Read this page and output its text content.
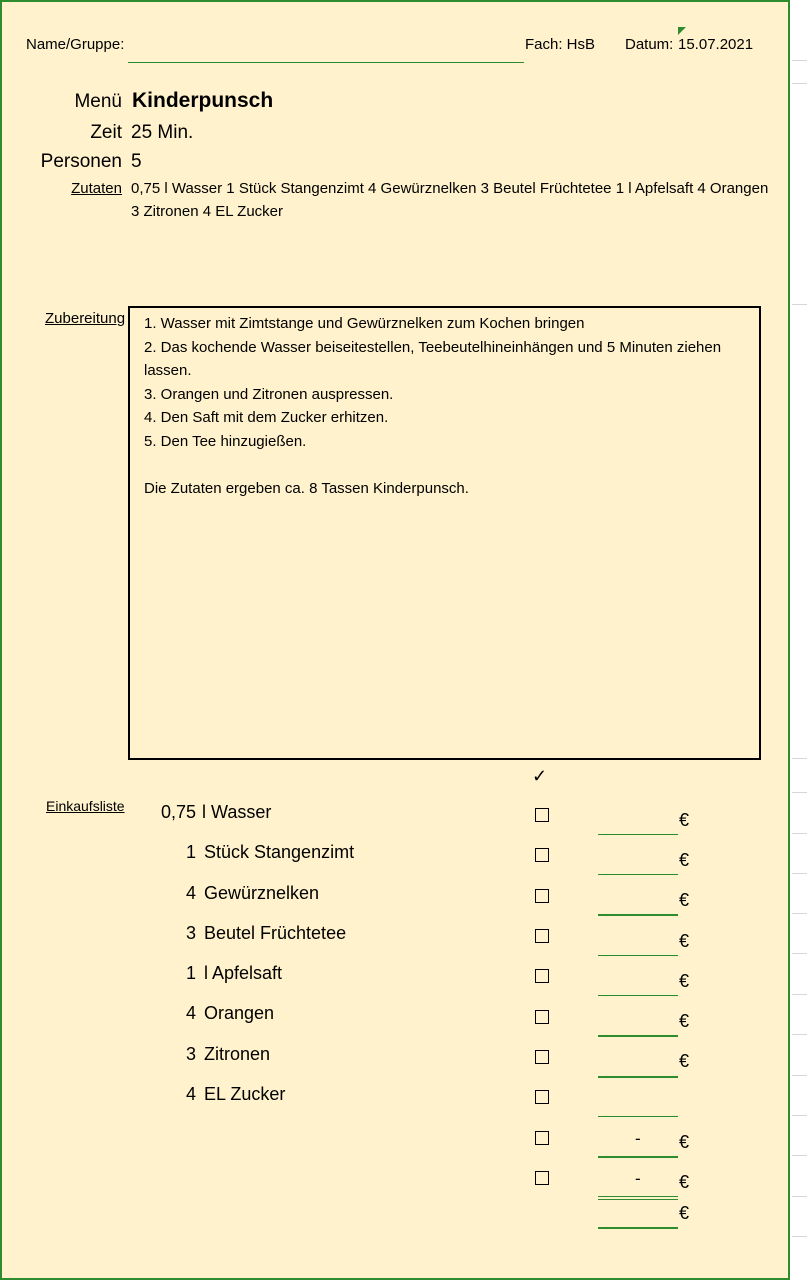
Name/Gruppe:	Fach: HsB Datum: 15.07.2021
Menü Kinderpunsch
Zeit 25 Min.
Personen 5
Zutaten 0,75 l Wasser 1 Stück Stangenzimt 4 Gewürznelken 3 Beutel Früchtetee 1 l Apfelsaft 4 Orangen
3 Zitronen 4 EL Zucker
Zubereitung 1. Wasser mit Zimtstange und Gewürznelken zum Kochen bringen
2. Das kochende Wasser beiseitestellen, Teebeutelhineinhängen und 5 Minuten ziehen
lassen.
3. Orangen und Zitronen auspressen.
4. Den Saft mit dem Zucker erhitzen.
5. Den Tee hinzugießen.
Die Zutaten ergeben ca. 8 Tassen Kinderpunsch.
Einkaufsliste
✓
0,75 l Wasser	€
1 Stück Stangenzimt	€
4 Gewürznelken	€
3 Beutel Früchtetee	€
1 l Apfelsaft	€
4 Orangen	€
3 Zitronen	€
4 EL Zucker
- €
- €
€
